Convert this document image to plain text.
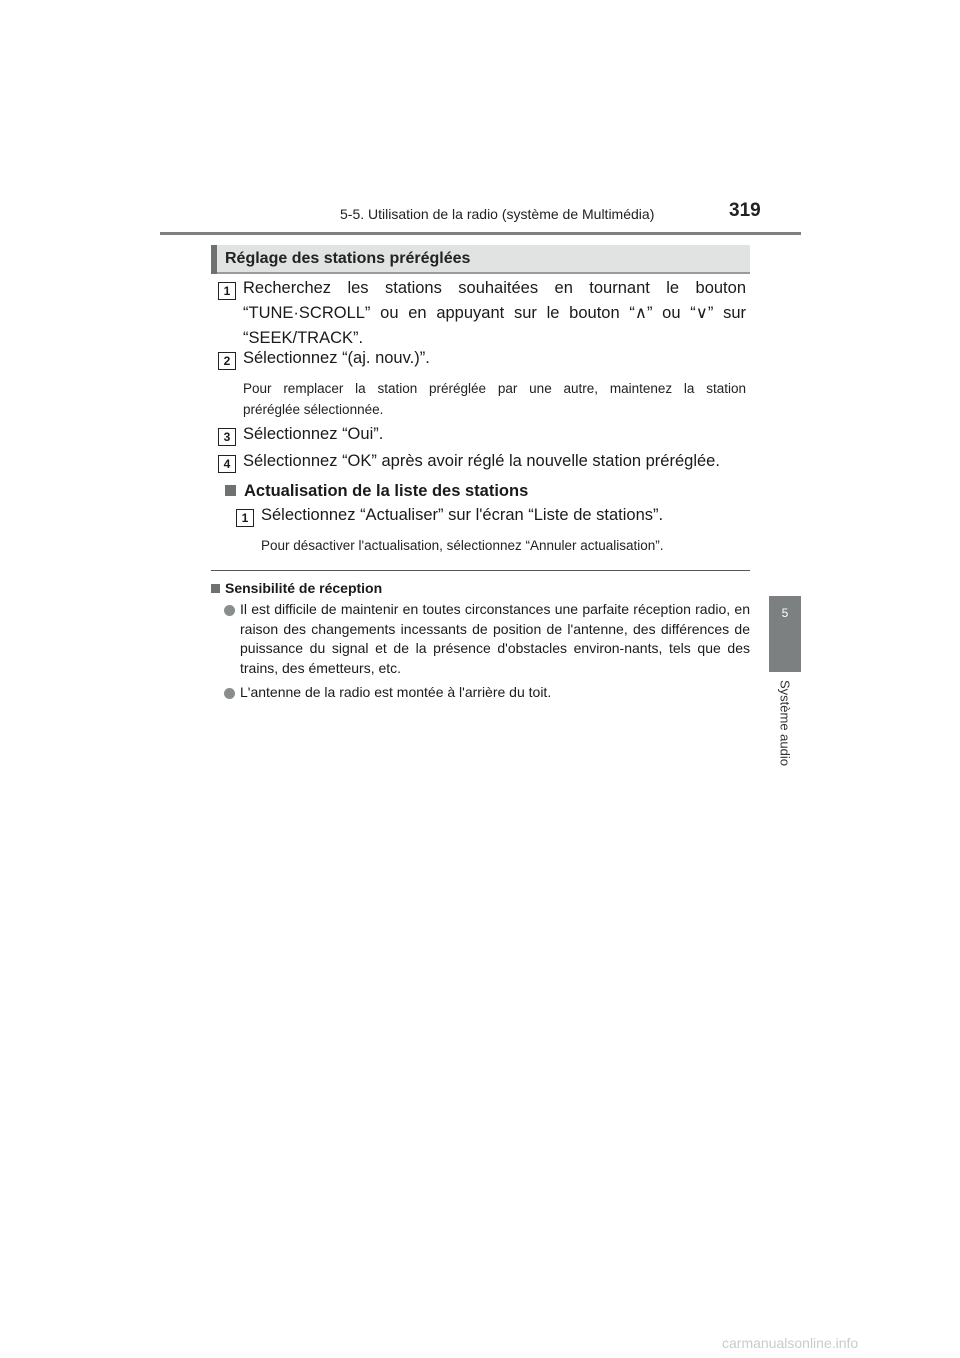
5-5. Utilisation de la radio (système de Multimédia)	319
5
Système audio
Réglage des stations préréglées
1 Recherchez les stations souhaitées en tournant le bouton
“TUNE·SCROLL” ou en appuyant sur le bouton “∧” ou “∨” sur
“SEEK/TRACK”.
2 Sélectionnez “(aj. nouv.)”.
Pour remplacer la station préréglée par une autre, maintenez la station
préréglée sélectionnée.
3 Sélectionnez “Oui”.
4 Sélectionnez “OK” après avoir réglé la nouvelle station préréglée.
Actualisation de la liste des stations
1 Sélectionnez “Actualiser” sur l'écran “Liste de stations”.
Pour désactiver l'actualisation, sélectionnez “Annuler actualisation”.
Sensibilité de réception
Il est difficile de maintenir en toutes circonstances une parfaite réception radio, en raison des changements incessants de position de l'antenne, des différences de puissance du signal et de la présence d'obstacles environ-nants, tels que des trains, des émetteurs, etc.
L'antenne de la radio est montée à l'arrière du toit.
carmanualsonline.info
